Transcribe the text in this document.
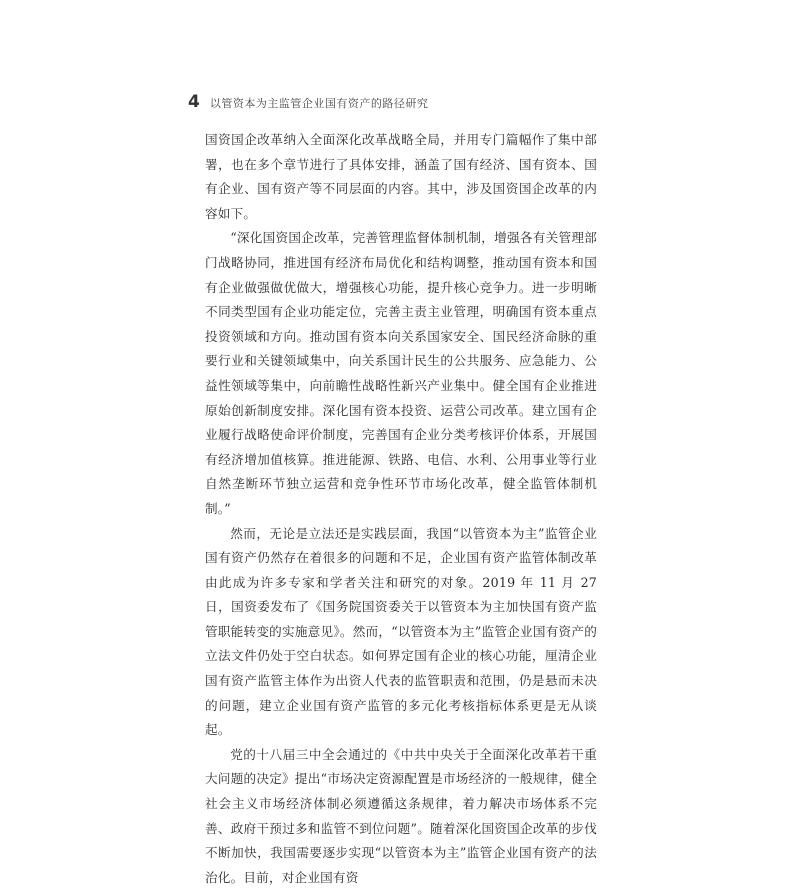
4 以管资本为主监管企业国有资产的路径研究

国资国企改革纳入全面深化改革战略全局，并用专门篇幅作了集中部署，也在多个章节进行了具体安排，涵盖了国有经济、国有资本、国有企业、国有资产等不同层面的内容。其中，涉及国资国企改革的内容如下。

“深化国资国企改革，完善管理监督体制机制，增强各有关管理部门战略协同，推进国有经济布局优化和结构调整，推动国有资本和国有企业做强做优做大，增强核心功能，提升核心竞争力。进一步明晰不同类型国有企业功能定位，完善主责主业管理，明确国有资本重点投资领域和方向。推动国有资本向关系国家安全、国民经济命脉的重要行业和关键领域集中，向关系国计民生的公共服务、应急能力、公益性领域等集中，向前瞻性战略性新兴产业集中。健全国有企业推进原始创新制度安排。深化国有资本投资、运营公司改革。建立国有企业履行战略使命评价制度，完善国有企业分类考核评价体系，开展国有经济增加值核算。推进能源、铁路、电信、水利、公用事业等行业自然垄断环节独立运营和竞争性环节市场化改革，健全监管体制机制。”

然而，无论是立法还是实践层面，我国“以管资本为主”监管企业国有资产仍然存在着很多的问题和不足，企业国有资产监管体制改革由此成为许多专家和学者关注和研究的对象。2019 年 11 月 27 日，国资委发布了《国务院国资委关于以管资本为主加快国有资产监管职能转变的实施意见》。然而，“以管资本为主”监管企业国有资产的立法文件仍处于空白状态。如何界定国有企业的核心功能，厘清企业国有资产监管主体作为出资人代表的监管职责和范围，仍是悬而未决的问题，建立企业国有资产监管的多元化考核指标体系更是无从谈起。

党的十八届三中全会通过的《中共中央关于全面深化改革若干重大问题的决定》提出“市场决定资源配置是市场经济的一般规律，健全社会主义市场经济体制必须遵循这条规律，着力解决市场体系不完善、政府干预过多和监管不到位问题”。随着深化国资国企改革的步伐不断加快，我国需要逐步实现“以管资本为主”监管企业国有资产的法治化。目前，对企业国有资
